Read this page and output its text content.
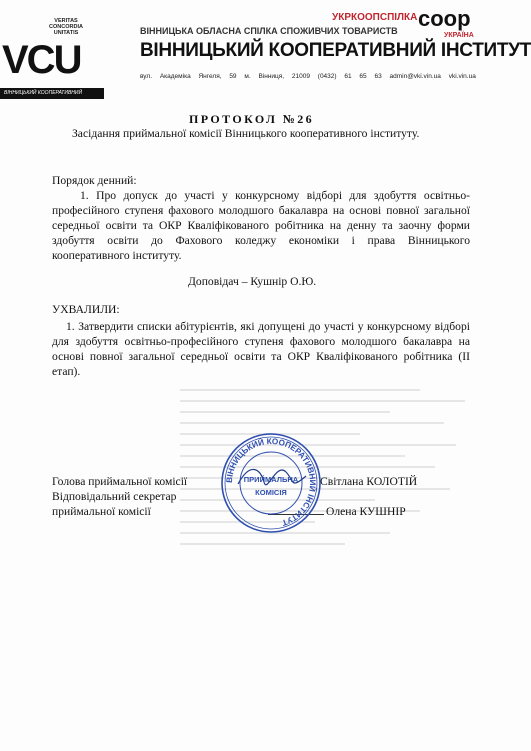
VERITAS CONCORDIA UNITATIS
VCU
ВІННИЦЬКИЙ КООПЕРАТИВНИЙ ІНСТИТУТ
УКРКООПСПІЛКА
ВІННИЦЬКА ОБЛАСНА СПІЛКА СПОЖИВЧИХ ТОВАРИСТВ
ВІННИЦЬКИЙ КООПЕРАТИВНИЙ ІНСТИТУТ
coop
УКРАЇНА
вул. Академіка Янгеля, 59 м. Вінниця, 21009 (0432) 61 65 63 admin@vki.vin.ua vki.vin.ua
ПРОТОКОЛ №26
Засідання приймальної комісії Вінницького кооперативного інституту.
Порядок денний:
1. Про допуск до участі у конкурсному відборі для здобуття освітньо-професійного ступеня фахового молодшого бакалавра на основі повної загальної середньої освіти та ОКР Кваліфікованого робітника на денну та заочну форми здобуття освіти до Фахового коледжу економіки і права Вінницького кооперативного інституту.
Доповідач – Кушнір О.Ю.
УХВАЛИЛИ:
1. Затвердити списки абітурієнтів, які допущені до участі у конкурсному відборі для здобуття освітньо-професійного ступеня фахового молодшого бакалавра на основі повної загальної середньої освіти та ОКР Кваліфікованого робітника (ІІ етап).
Голова приймальної комісії
Відповідальний секретар
приймальної комісії
Світлана КОЛОТІЙ
Олена КУШНІР
ВІННИЦЬКИЙ КООПЕРАТИВНИЙ ІНСТИТУТ
ПРИЙМАЛЬНА
КОМІСІЯ
